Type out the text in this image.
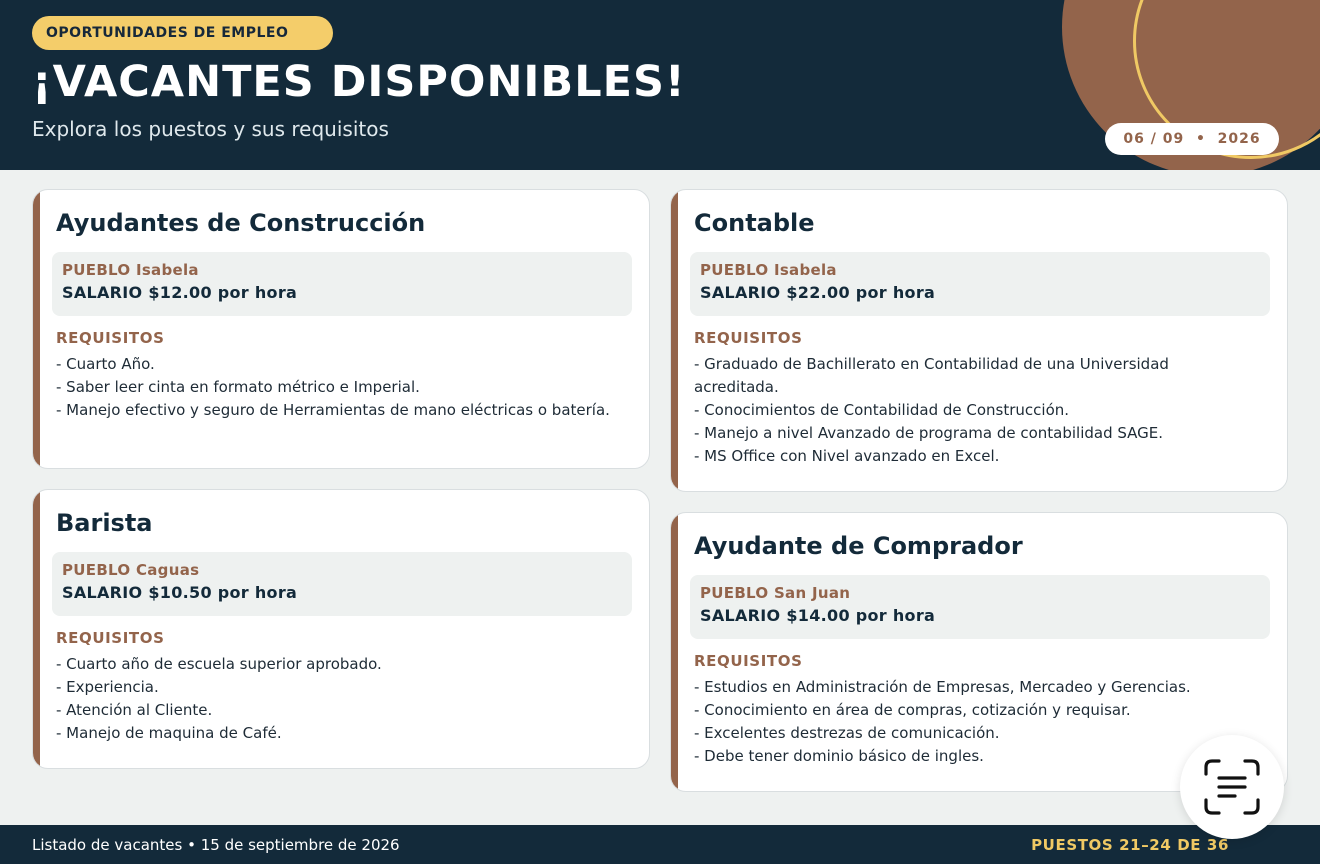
OPORTUNIDADES DE EMPLEO
¡VACANTES DISPONIBLES!
Explora los puestos y sus requisitos	06 / 09  •  2026
Ayudantes de Construcción
PUEBLO Isabela
SALARIO $12.00 por hora
REQUISITOS
- Cuarto Año.
- Saber leer cinta en formato métrico e Imperial.
- Manejo efectivo y seguro de Herramientas de mano eléctricas o batería.
Barista
PUEBLO Caguas
SALARIO $10.50 por hora
REQUISITOS
- Cuarto año de escuela superior aprobado.
- Experiencia.
- Atención al Cliente.
- Manejo de maquina de Café.
Contable
PUEBLO Isabela
SALARIO $22.00 por hora
REQUISITOS
- Graduado de Bachillerato en Contabilidad de una Universidad acreditada.
- Conocimientos de Contabilidad de Construcción.
- Manejo a nivel Avanzado de programa de contabilidad SAGE.
- MS Office con Nivel avanzado en Excel.
Ayudante de Comprador
PUEBLO San Juan
SALARIO $14.00 por hora
REQUISITOS
- Estudios en Administración de Empresas, Mercadeo y Gerencias.
- Conocimiento en área de compras, cotización y requisar.
- Excelentes destrezas de comunicación.
- Debe tener dominio básico de ingles.
Listado de vacantes • 15 de septiembre de 2026	PUESTOS 21–24 DE 36
